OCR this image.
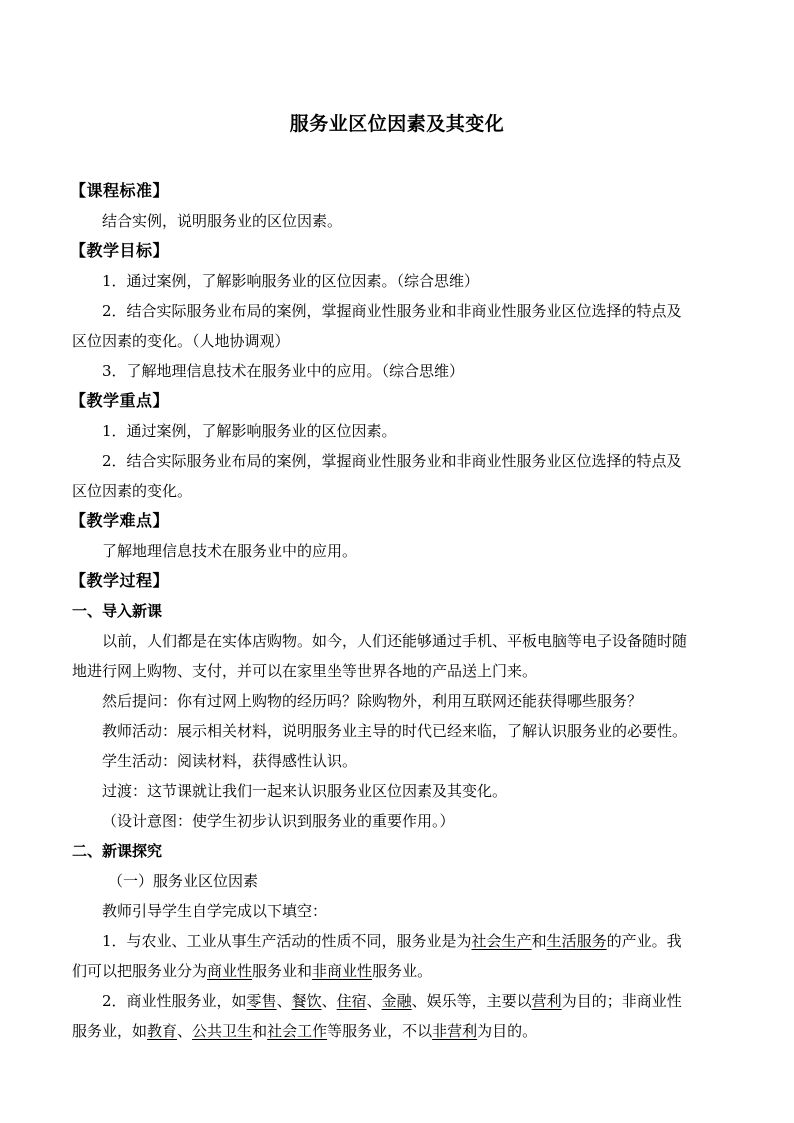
服务业区位因素及其变化

【课程标准】

结合实例，说明服务业的区位因素。

【教学目标】

1．通过案例，了解影响服务业的区位因素。（综合思维）

2．结合实际服务业布局的案例，掌握商业性服务业和非商业性服务业区位选择的特点及

区位因素的变化。（人地协调观）

3．了解地理信息技术在服务业中的应用。（综合思维）

【教学重点】

1．通过案例，了解影响服务业的区位因素。

2．结合实际服务业布局的案例，掌握商业性服务业和非商业性服务业区位选择的特点及

区位因素的变化。

【教学难点】

了解地理信息技术在服务业中的应用。

【教学过程】

一、导入新课

以前，人们都是在实体店购物。如今，人们还能够通过手机、平板电脑等电子设备随时随

地进行网上购物、支付，并可以在家里坐等世界各地的产品送上门来。

然后提问：你有过网上购物的经历吗？除购物外，利用互联网还能获得哪些服务？

教师活动：展示相关材料，说明服务业主导的时代已经来临，了解认识服务业的必要性。

学生活动：阅读材料，获得感性认识。

过渡：这节课就让我们一起来认识服务业区位因素及其变化。

（设计意图：使学生初步认识到服务业的重要作用。）

二、新课探究

（一）服务业区位因素

教师引导学生自学完成以下填空：

1．与农业、工业从事生产活动的性质不同，服务业是为社会生产和生活服务的产业。我

们可以把服务业分为商业性服务业和非商业性服务业。

2．商业性服务业，如零售、餐饮、住宿、金融、娱乐等，主要以营利为目的；非商业性

服务业，如教育、公共卫生和社会工作等服务业，不以非营利为目的。
